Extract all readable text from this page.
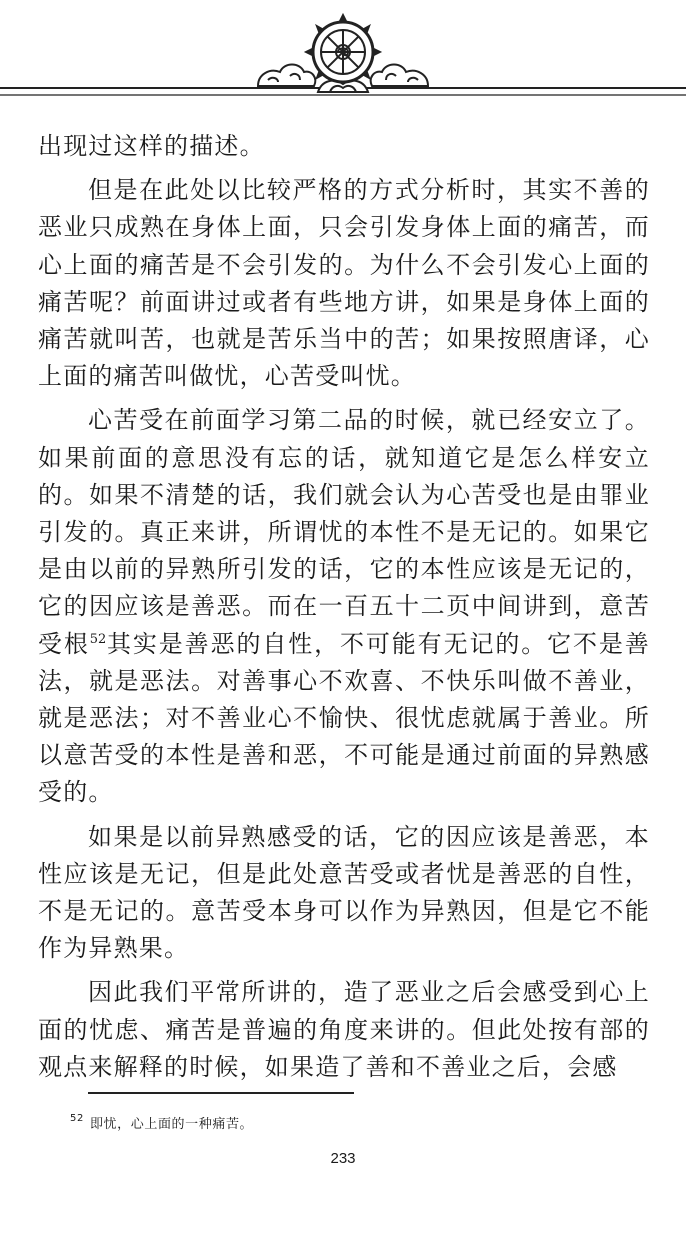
出现过这样的描述。

但是在此处以比较严格的方式分析时，其实不善的恶业只成熟在身体上面，只会引发身体上面的痛苦，而心上面的痛苦是不会引发的。为什么不会引发心上面的痛苦呢？前面讲过或者有些地方讲，如果是身体上面的痛苦就叫苦，也就是苦乐当中的苦；如果按照唐译，心上面的痛苦叫做忧，心苦受叫忧。

心苦受在前面学习第二品的时候，就已经安立了。如果前面的意思没有忘的话，就知道它是怎么样安立的。如果不清楚的话，我们就会认为心苦受也是由罪业引发的。真正来讲，所谓忧的本性不是无记的。如果它是由以前的异熟所引发的话，它的本性应该是无记的，它的因应该是善恶。而在一百五十二页中间讲到，意苦受根$^{52}$其实是善恶的自性，不可能有无记的。它不是善法，就是恶法。对善事心不欢喜、不快乐叫做不善业，就是恶法；对不善业心不愉快、很忧虑就属于善业。所以意苦受的本性是善和恶，不可能是通过前面的异熟感受的。

如果是以前异熟感受的话，它的因应该是善恶，本性应该是无记，但是此处意苦受或者忧是善恶的自性，不是无记的。意苦受本身可以作为异熟因，但是它不能作为异熟果。

因此我们平常所讲的，造了恶业之后会感受到心上面的忧虑、痛苦是普遍的角度来讲的。但此处按有部的观点来解释的时候，如果造了善和不善业之后，会感

$^{52}$ 即忧，心上面的一种痛苦。
233
